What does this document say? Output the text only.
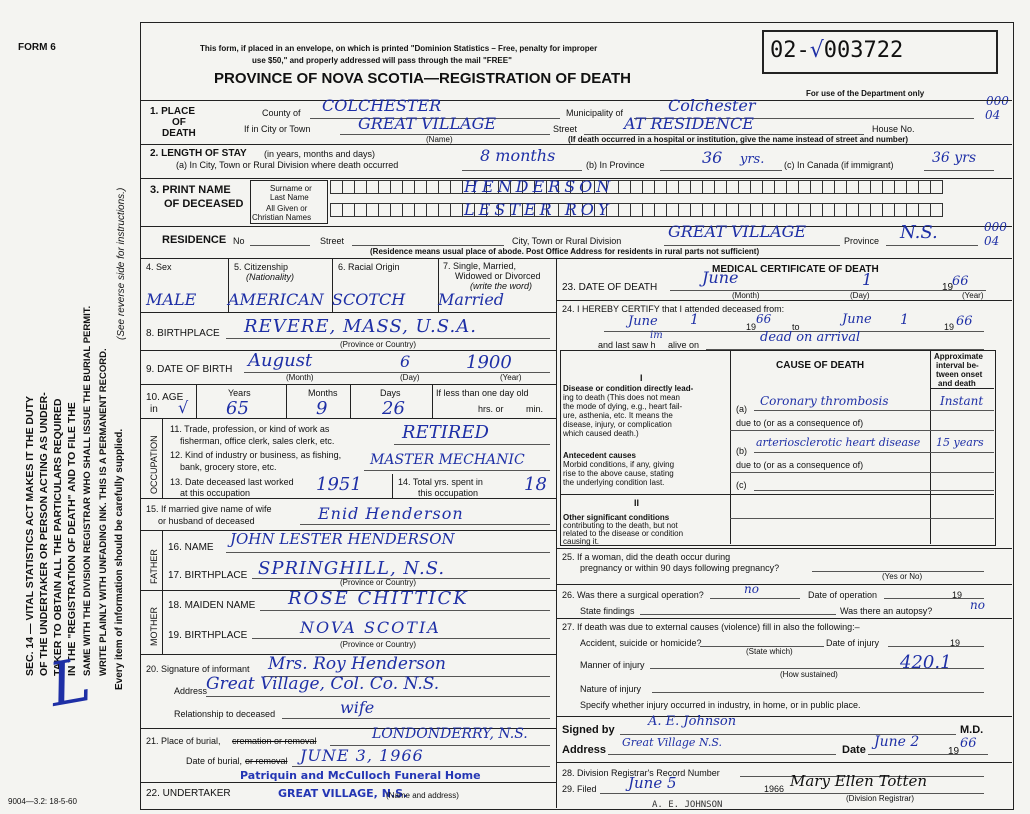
FORM 6	This form, if placed in an envelope, on which is printed "Dominion Statistics – Free, penalty for improper
use $50," and properly addressed will pass through the mail "FREE"
PROVINCE OF NOVA SCOTIA—REGISTRATION OF DEATH
02-√003722
For use of the Department only
000
04
SEC. 14 — VITAL STATISTICS ACT MAKES IT THE DUTY OF THE UNDERTAKER OR PERSON ACTING AS UNDER- TAKER TO OBTAIN ALL THE PARTICULARS REQUIRED IN THE "REGISTRATION OF DEATH" AND TO FILE THE SAME WITH THE DIVISION REGISTRAR WHO SHALL ISSUE THE BURIAL PERMIT. WRITE PLAINLY WITH UNFADING INK. THIS IS A PERMANENT RECORD. Every item of information should be carefully supplied.
(See reverse side for instructions.)
L
9004—3.2: 18-5-60
1. PLACE
OF
DEATH
County of COLCHESTER	Municipality of	Colchester
If in City or Town	GREAT VILLAGE
(Name)
Street	AT RESIDENCE	House No.
(If death occurred in a hospital or institution, give the name instead of street and number)
2. LENGTH OF STAY (in years, months and days)
(a) In City, Town or Rural Division where death occurred	8 months	(b) In Province	36 yrs. (c) In Canada (if immigrant)	36 yrs
3. PRINT NAME
OF DECEASED
Surname or
Last Name
All Given or
Christian Names
HENDERSON
LESTER ROY
RESIDENCE No	Street	City, Town or Rural Division	GREAT VILLAGE	Province N.S.	000
04
(Residence means usual place of abode. Post Office Address for residents in rural parts not sufficient)
4. Sex	5. Citizenship
(Nationality)
6. Racial Origin	7. Single, Married,
Widowed or Divorced
(write the word)
MALE AMERICAN SCOTCH Married
8. BIRTHPLACE REVERE, MASS, U.S.A.
(Province or Country)
9. DATE OF BIRTH August	6	1900
(Month)	(Day)	(Year)
10. AGE
in √
Years	Months	Days
65	9	26
If less than one day old
hrs. or min.
OCCUPATION
11. Trade, profession, or kind of work as
fisherman, office clerk, sales clerk, etc.	RETIRED
12. Kind of industry or business, as fishing,
bank, grocery store, etc.	MASTER MECHANIC
13. Date deceased last worked
at this occupation	1951	14. Total yrs. spent in
this occupation	18
15. If married give name of wife
or husband of deceased	Enid Henderson
FATHER
16. NAME JOHN LESTER HENDERSON
17. BIRTHPLACE SPRINGHILL, N.S.
(Province or Country)
MOTHER
18. MAIDEN NAME ROSE CHITTICK
19. BIRTHPLACE	NOVA SCOTIA
(Province or Country)
20. Signature of informant Mrs. Roy Henderson
Address
Great Village, Col. Co. N.S.
Relationship to deceased	wife
21. Place of burial, cremation or removal	LONDONDERRY, N.S.
Date of burial, or removal JUNE 3, 1966
Patriquin and McCulloch Funeral Home
22. UNDERTAKER	GREAT VILLAGE, N.S.
(Name and address)
MEDICAL CERTIFICATE OF DEATH
23. DATE OF DEATH
June	1	19
66
(Month)	(Day)	(Year)
24. I HEREBY CERTIFY that I attended deceased from:
June 1	19
66
to	June 1	19 66
and last saw h
im
alive on	dead on arrival
CAUSE OF DEATH
Approximate
interval be-
tween onset
and death
I
Disease or condition directly lead-
ing to death (This does not mean
the mode of dying, e.g., heart fail-
ure, asthenia, etc. It means the
disease, injury, or complication
which caused death.)
(a)
Coronary thrombosis	Instant
due to (or as a consequence of)
Antecedent causes
Morbid conditions, if any, giving
rise to the above cause, stating
the underlying condition last.
(b)
arteriosclerotic heart disease 15 years
due to (or as a consequence of)
(c)
II
Other significant conditions
contributing to the death, but not
related to the disease or condition
causing it.
25. If a woman, did the death occur during
pregnancy or within 90 days following pregnancy?
(Yes or No)
26. Was there a surgical operation?	no	Date of operation	19
State findings	Was there an autopsy?	no
27. If death was due to external causes (violence) fill in also the following:–
Accident, suicide or homicide?
(State which)
Date of injury	19
Manner of injury	420.1
(How sustained)
Nature of injury
Specify whether injury occurred in industry, in home, or in public place.
Signed by
A. E. Johnson
M.D.
Address
Great Village N.S.
Date June 2
19
66
28. Division Registrar's Record Number
29. Filed June 5	1966 Mary Ellen Totten
(Division Registrar)
A. E. JOHNSON
